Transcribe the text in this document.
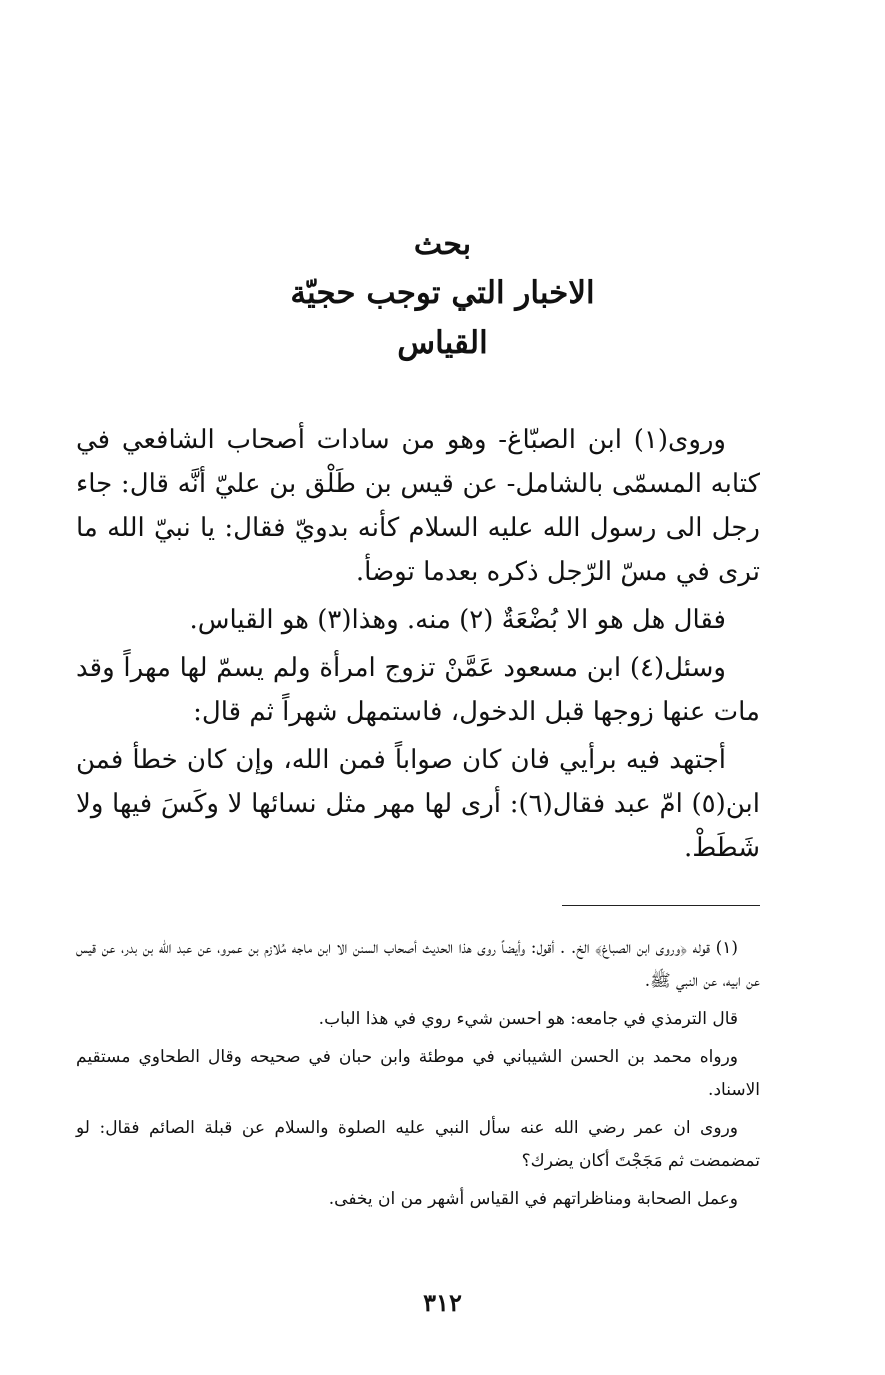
بحث
الاخبار التي توجب حجيّة
القياس

وروى(١) ابن الصبّاغ- وهو من سادات أصحاب الشافعي في كتابه المسمّى بالشامل- عن قيس بن طَلْق بن عليّ أنَّه قال: جاء رجل الى رسول الله عليه السلام كأنه بدويّ فقال: يا نبيّ الله ما ترى في مسّ الرّجل ذكره بعدما توضأ.

فقال هل هو الا بُضْعَةٌ (٢) منه. وهذا(٣) هو القياس.

وسئل(٤) ابن مسعود عَمَّنْ تزوج امرأة ولم يسمّ لها مهراً وقد مات عنها زوجها قبل الدخول، فاستمهل شهراً ثم قال:

أجتهد فيه برأيي فان كان صواباً فمن الله، وإن كان خطأ فمن ابن(٥) امّ عبد فقال(٦): أرى لها مهر مثل نسائها لا وكَسَ فيها ولا شَطَطْ.

(١) قوله ﴿وروى ابن الصباغ﴾ الخ. . أقول: وأيضاً روى هذا الحديث أصحاب السنن الا ابن ماجه مُلازم بن عمرو، عن عبد الله بن بدر، عن قيس عن ابيه، عن النبي ﷺ.

قال الترمذي في جامعه: هو احسن شيء روي في هذا الباب.

ورواه محمد بن الحسن الشيباني في موطئة وابن حبان في صحيحه وقال الطحاوي مستقيم الاسناد.

وروى ان عمر رضي الله عنه سأل النبي عليه الصلوة والسلام عن قبلة الصائم فقال: لو تمضمضت ثم مَجَجْتَ أكان يضرك؟

وعمل الصحابة ومناظراتهم في القياس أشهر من ان يخفى.

٣١٢
